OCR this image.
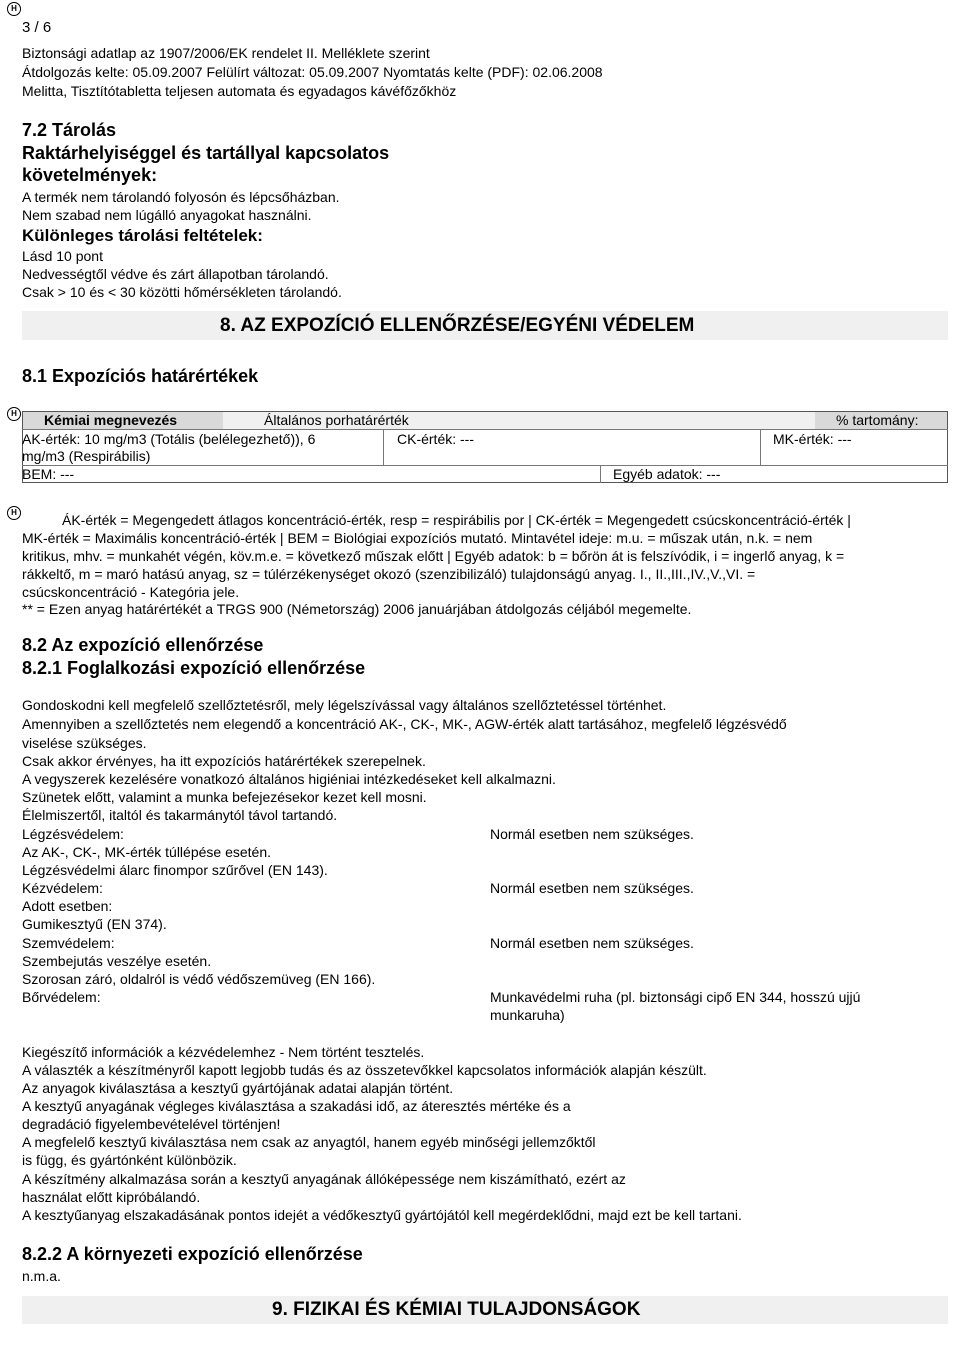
H
3 / 6
Biztonsági adatlap az 1907/2006/EK rendelet II. Melléklete szerint
Átdolgozás kelte: 05.09.2007 Felülírt változat: 05.09.2007 Nyomtatás kelte (PDF): 02.06.2008
Melitta, Tisztítótabletta teljesen automata és egyadagos kávéfőzőkhöz
7.2 Tárolás
Raktárhelyiséggel és tartállyal kapcsolatos
követelmények:
A termék nem tárolandó folyosón és lépcsőházban.
Nem szabad nem lúgálló anyagokat használni.
Különleges tárolási feltételek:
Lásd 10 pont
Nedvességtől védve és zárt állapotban tárolandó.
Csak > 10 és < 30 közötti hőmérsékleten tárolandó.
8. AZ EXPOZÍCIÓ ELLENŐRZÉSE/EGYÉNI VÉDELEM
8.1 Expozíciós határértékek
H Kémiai megnevezés	Általános porhatárérték	% tartomány:
AK-érték: 10 mg/m3 (Totális (belélegezhető)), 6
mg/m3 (Respirábilis)
CK-érték: ---	MK-érték: ---
BEM: ---	Egyéb adatok: ---
H	ÁK-érték = Megengedett átlagos koncentráció-érték, resp = respirábilis por | CK-érték = Megengedett csúcskoncentráció-érték |
MK-érték = Maximális koncentráció-érték | BEM = Biológiai expozíciós mutató. Mintavétel ideje: m.u. = műszak után, n.k. = nem
kritikus, mhv. = munkahét végén, köv.m.e. = következő műszak előtt | Egyéb adatok: b = bőrön át is felszívódik, i = ingerlő anyag, k =
rákkeltő, m = maró hatású anyag, sz = túlérzékenységet okozó (szenzibilizáló) tulajdonságú anyag. I., II.,III.,IV.,V.,VI. =
csúcskoncentráció - Kategória jele.
** = Ezen anyag határértékét a TRGS 900 (Németország) 2006 januárjában átdolgozás céljából megemelte.
8.2 Az expozíció ellenőrzése
8.2.1 Foglalkozási expozíció ellenőrzése
Gondoskodni kell megfelelő szellőztetésről, mely légelszívással vagy általános szellőztetéssel történhet.
Amennyiben a szellőztetés nem elegendő a koncentráció AK-, CK-, MK-, AGW-érték alatt tartásához, megfelelő légzésvédő
viselése szükséges.
Csak akkor érvényes, ha itt expozíciós határértékek szerepelnek.
A vegyszerek kezelésére vonatkozó általános higiéniai intézkedéseket kell alkalmazni.
Szünetek előtt, valamint a munka befejezésekor kezet kell mosni.
Élelmiszertől, italtól és takarmánytól távol tartandó.
Légzésvédelem:	Normál esetben nem szükséges.
Az AK-, CK-, MK-érték túllépése esetén.
Légzésvédelmi álarc finompor szűrővel (EN 143).
Kézvédelem:	Normál esetben nem szükséges.
Adott esetben:
Gumikesztyű (EN 374).
Szemvédelem:	Normál esetben nem szükséges.
Szembejutás veszélye esetén.
Szorosan záró, oldalról is védő védőszemüveg (EN 166).
Bőrvédelem:	Munkavédelmi ruha (pl. biztonsági cipő EN 344, hosszú ujjú
munkaruha)
Kiegészítő információk a kézvédelemhez - Nem történt tesztelés.
A választék a készítményről kapott legjobb tudás és az összetevőkkel kapcsolatos információk alapján készült.
Az anyagok kiválasztása a kesztyű gyártójának adatai alapján történt.
A kesztyű anyagának végleges kiválasztása a szakadási idő, az áteresztés mértéke és a
degradáció figyelembevételével történjen!
A megfelelő kesztyű kiválasztása nem csak az anyagtól, hanem egyéb minőségi jellemzőktől
is függ, és gyártónként különbözik.
A készítmény alkalmazása során a kesztyű anyagának állóképessége nem kiszámítható, ezért az
használat előtt kipróbálandó.
A kesztyűanyag elszakadásának pontos idejét a védőkesztyű gyártójától kell megérdeklődni, majd ezt be kell tartani.
8.2.2 A környezeti expozíció ellenőrzése
n.m.a.
9. FIZIKAI ÉS KÉMIAI TULAJDONSÁGOK
